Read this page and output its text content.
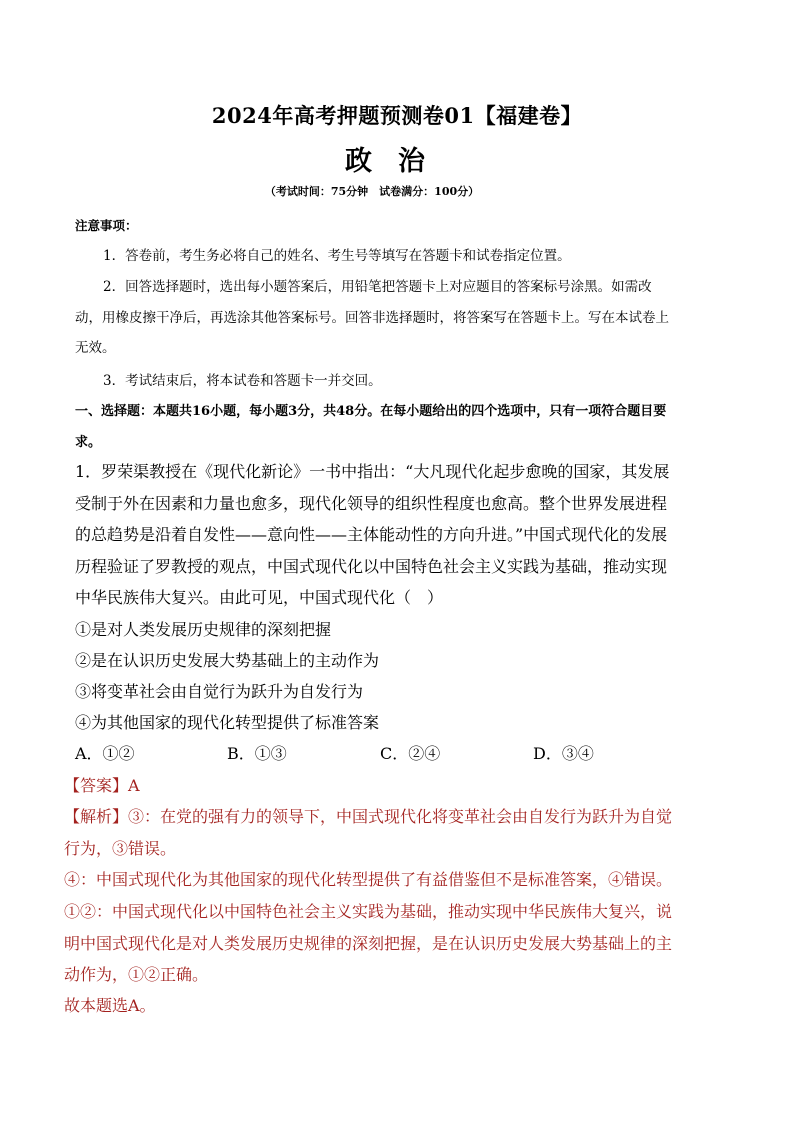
2024年高考押题预测卷01【福建卷】
政治
（考试时间：75分钟　试卷满分：100分）
注意事项：
1．答卷前，考生务必将自己的姓名、考生号等填写在答题卡和试卷指定位置。
2．回答选择题时，选出每小题答案后，用铅笔把答题卡上对应题目的答案标号涂黑。如需改动，用橡皮擦干净后，再选涂其他答案标号。回答非选择题时，将答案写在答题卡上。写在本试卷上无效。
3．考试结束后，将本试卷和答题卡一并交回。
一、选择题：本题共16小题，每小题3分，共48分。在每小题给出的四个选项中，只有一项符合题目要求。
1．罗荣渠教授在《现代化新论》一书中指出：“大凡现代化起步愈晚的国家，其发展受制于外在因素和力量也愈多，现代化领导的组织性程度也愈高。整个世界发展进程的总趋势是沿着自发性——意向性——主体能动性的方向升进。”中国式现代化的发展历程验证了罗教授的观点，中国式现代化以中国特色社会主义实践为基础，推动实现中华民族伟大复兴。由此可见，中国式现代化（　）
①是对人类发展历史规律的深刻把握
②是在认识历史发展大势基础上的主动作为
③将变革社会由自觉行为跃升为自发行为
④为其他国家的现代化转型提供了标准答案
A．①②	B．①③	C．②④	D．③④
【答案】A
【解析】③：在党的强有力的领导下，中国式现代化将变革社会由自发行为跃升为自觉行为，③错误。
④：中国式现代化为其他国家的现代化转型提供了有益借鉴但不是标准答案，④错误。
①②：中国式现代化以中国特色社会主义实践为基础，推动实现中华民族伟大复兴，说明中国式现代化是对人类发展历史规律的深刻把握，是在认识历史发展大势基础上的主动作为，①②正确。
故本题选A。
